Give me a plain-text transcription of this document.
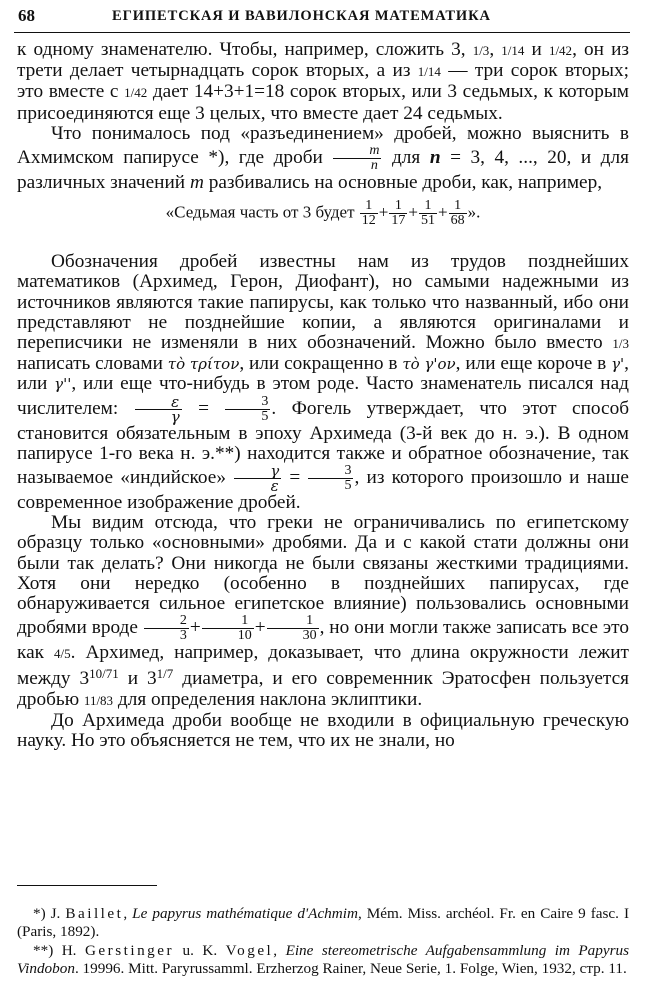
68	ЕГИПЕТСКАЯ И ВАВИЛОНСКАЯ МАТЕМАТИКА

к одному знаменателю. Чтобы, например, сложить 3, 1/3, 1/14 и 1/42, он из трети делает четырнадцать сорок вторых, а из 1/14 — три сорок вторых; это вместе с 1/42 дает 14+3+1=18 сорок вторых, или 3 седьмых, к которым присоединяются еще 3 целых, что вместе дает 24 седьмых.

Что понималось под «разъединением» дробей, можно выяснить в Ахмимском папирусе *), где дроби $\frac{m}{n}$ для n = 3, 4, ..., 20, и для различных значений m разбивались на основные дроби, как, например,

«Седьмая часть от 3 будет $\frac{1}{12} + \frac{1}{17} + \frac{1}{51} + \frac{1}{68}$ ».

Обозначения дробей известны нам из трудов позднейших математиков (Архимед, Герон, Диофант), но самыми надежными из источников являются такие папирусы, как только что названный, ибо они представляют не позднейшие копии, а являются оригиналами и переписчики не изменяли в них обозначений. Можно было вместо 1/3 написать словами τὸ τρίτον, или сокращенно в τὸ γ'ον, или еще короче в γ', или γ'', или еще что-нибудь в этом роде. Часто знаменатель писался над числителем: $\frac{\varepsilon}{\gamma} = \frac{3}{5}$ . Фогель утверждает, что этот способ становится обязательным в эпоху Архимеда (3-й век до н. э.). В одном папирусе 1-го века н. э.**) находится также и обратное обозначение, так называемое «индийское» $\frac{\gamma}{\varepsilon} = \frac{3}{5}$ , из которого произошло и наше современное изображение дробей.

Мы видим отсюда, что греки не ограничивались по египетскому образцу только «основными» дробями. Да и с какой стати должны они были так делать? Они никогда не были связаны жесткими традициями. Хотя они нередко (особенно в позднейших папирусах, где обнаруживается сильное египетское влияние) пользовались основными дробями вроде $\frac{2}{3} + \frac{1}{10} + \frac{1}{30}$ , но они могли также записать все это как 4/5. Архимед, например, доказывает, что длина окружности лежит между $3^{10/71}$ и $3^{1/7}$ диаметра, и его современник Эратосфен пользуется дробью 11/83 для определения наклона эклиптики.

До Архимеда дроби вообще не входили в официальную греческую науку. Но это объясняется не тем, что их не знали, но

*) J. Baillet, Le papyrus mathématique d'Achmim, Mém. Miss. archéol. Fr. en Caire 9 fasc. I (Paris, 1892).

**) H. Gerstinger u. K. Vogel, Eine stereometrische Aufgabensammlung im Papyrus Vindobon. 19996. Mitt. Paryrussamml. Erzherzog Rainer, Neue Serie, 1. Folge, Wien, 1932, стр. 11.
